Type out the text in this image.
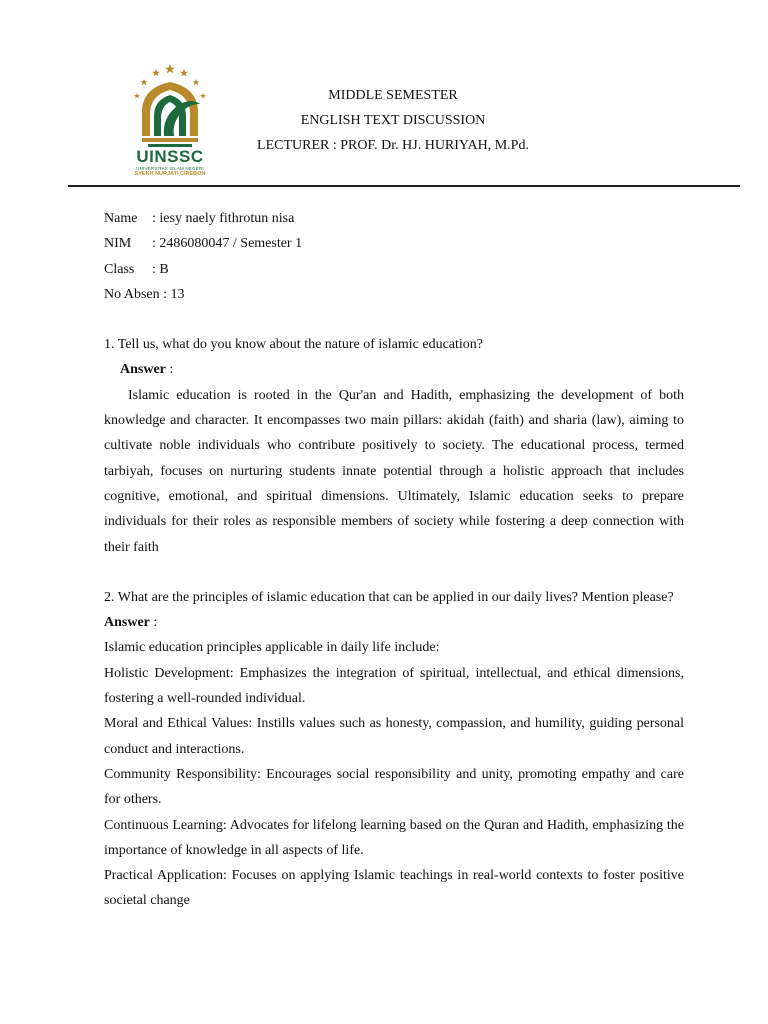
UINSSC
UNIVERSITAS ISLAM NEGERI
SYEKH NURJATI CIREBON
MIDDLE SEMESTER
ENGLISH TEXT DISCUSSION
LECTURER : PROF. Dr. HJ. HURIYAH, M.Pd.
Name : iesy naely fithrotun nisa
NIM : 2486080047 / Semester 1
Class : B
No Absen : 13
1. Tell us, what do you know about the nature of islamic education?
Answer :
Islamic education is rooted in the Qur'an and Hadith, emphasizing the development of both knowledge and character. It encompasses two main pillars: akidah (faith) and sharia (law), aiming to cultivate noble individuals who contribute positively to society. The educational process, termed tarbiyah, focuses on nurturing students innate potential through a holistic approach that includes cognitive, emotional, and spiritual dimensions. Ultimately, Islamic education seeks to prepare individuals for their roles as responsible members of society while fostering a deep connection with their faith
2. What are the principles of islamic education that can be applied in our daily lives? Mention please?
Answer :
Islamic education principles applicable in daily life include:
Holistic Development: Emphasizes the integration of spiritual, intellectual, and ethical dimensions, fostering a well-rounded individual.
Moral and Ethical Values: Instills values such as honesty, compassion, and humility, guiding personal conduct and interactions.
Community Responsibility: Encourages social responsibility and unity, promoting empathy and care for others.
Continuous Learning: Advocates for lifelong learning based on the Quran and Hadith, emphasizing the importance of knowledge in all aspects of life.
Practical Application: Focuses on applying Islamic teachings in real-world contexts to foster positive societal change
